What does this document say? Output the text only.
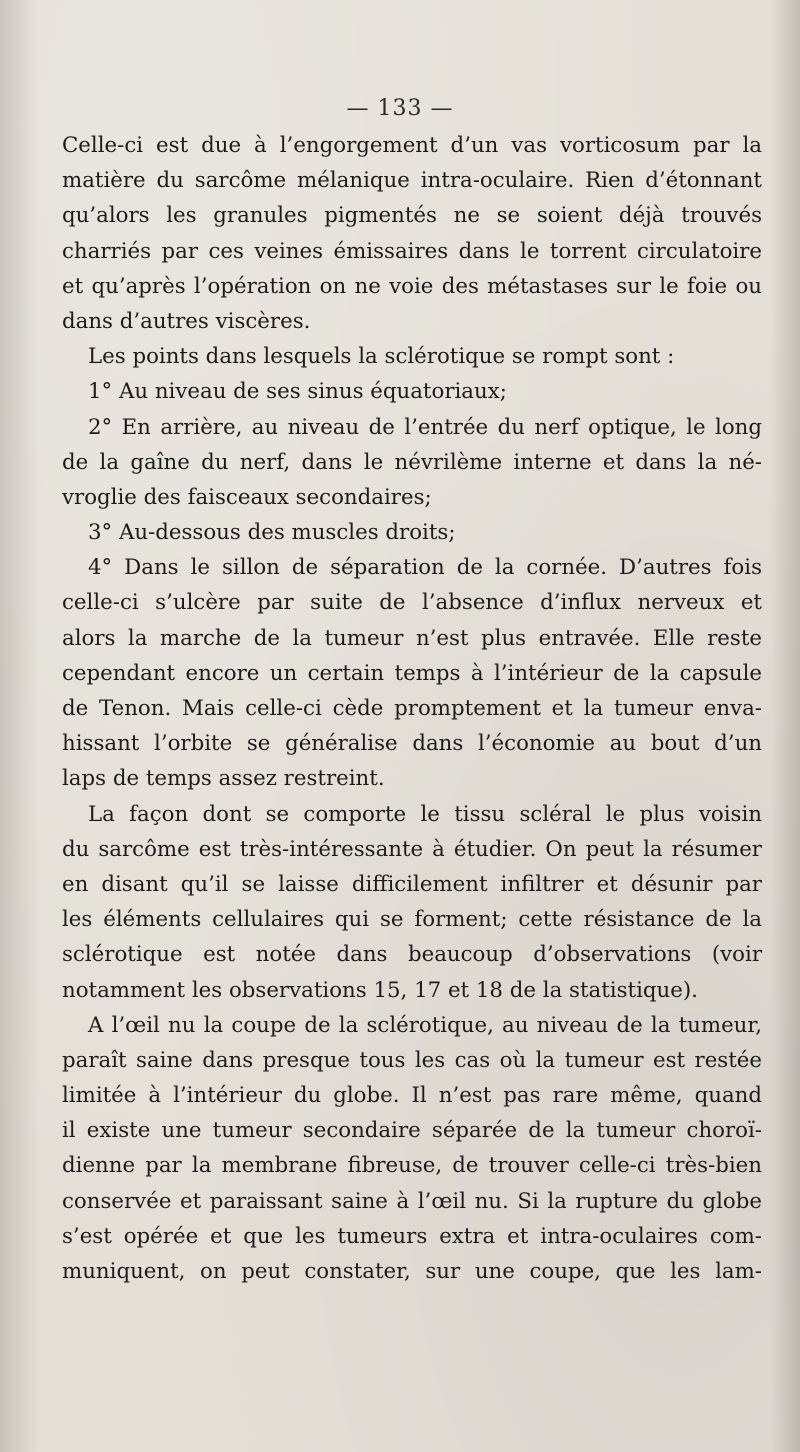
— 133 —
Celle-ci est due à l’engorgement d’un vas vorticosum par la
matière du sarcôme mélanique intra-oculaire. Rien d’étonnant
qu’alors les granules pigmentés ne se soient déjà trouvés
charriés par ces veines émissaires dans le torrent circulatoire
et qu’après l’opération on ne voie des métastases sur le foie ou
dans d’autres viscères.
Les points dans lesquels la sclérotique se rompt sont :
1° Au niveau de ses sinus équatoriaux;
2° En arrière, au niveau de l’entrée du nerf optique, le long
de la gaîne du nerf, dans le névrilème interne et dans la né-
vroglie des faisceaux secondaires;
3° Au-dessous des muscles droits;
4° Dans le sillon de séparation de la cornée. D’autres fois
celle-ci s’ulcère par suite de l’absence d’influx nerveux et
alors la marche de la tumeur n’est plus entravée. Elle reste
cependant encore un certain temps à l’intérieur de la capsule
de Tenon. Mais celle-ci cède promptement et la tumeur enva-
hissant l’orbite se généralise dans l’économie au bout d’un
laps de temps assez restreint.
La façon dont se comporte le tissu scléral le plus voisin
du sarcôme est très-intéressante à étudier. On peut la résumer
en disant qu’il se laisse difficilement infiltrer et désunir par
les éléments cellulaires qui se forment; cette résistance de la
sclérotique est notée dans beaucoup d’observations (voir
notamment les observations 15, 17 et 18 de la statistique).
A l’œil nu la coupe de la sclérotique, au niveau de la tumeur,
paraît saine dans presque tous les cas où la tumeur est restée
limitée à l’intérieur du globe. Il n’est pas rare même, quand
il existe une tumeur secondaire séparée de la tumeur choroï-
dienne par la membrane fibreuse, de trouver celle-ci très-bien
conservée et paraissant saine à l’œil nu. Si la rupture du globe
s’est opérée et que les tumeurs extra et intra-oculaires com-
muniquent, on peut constater, sur une coupe, que les lam-
